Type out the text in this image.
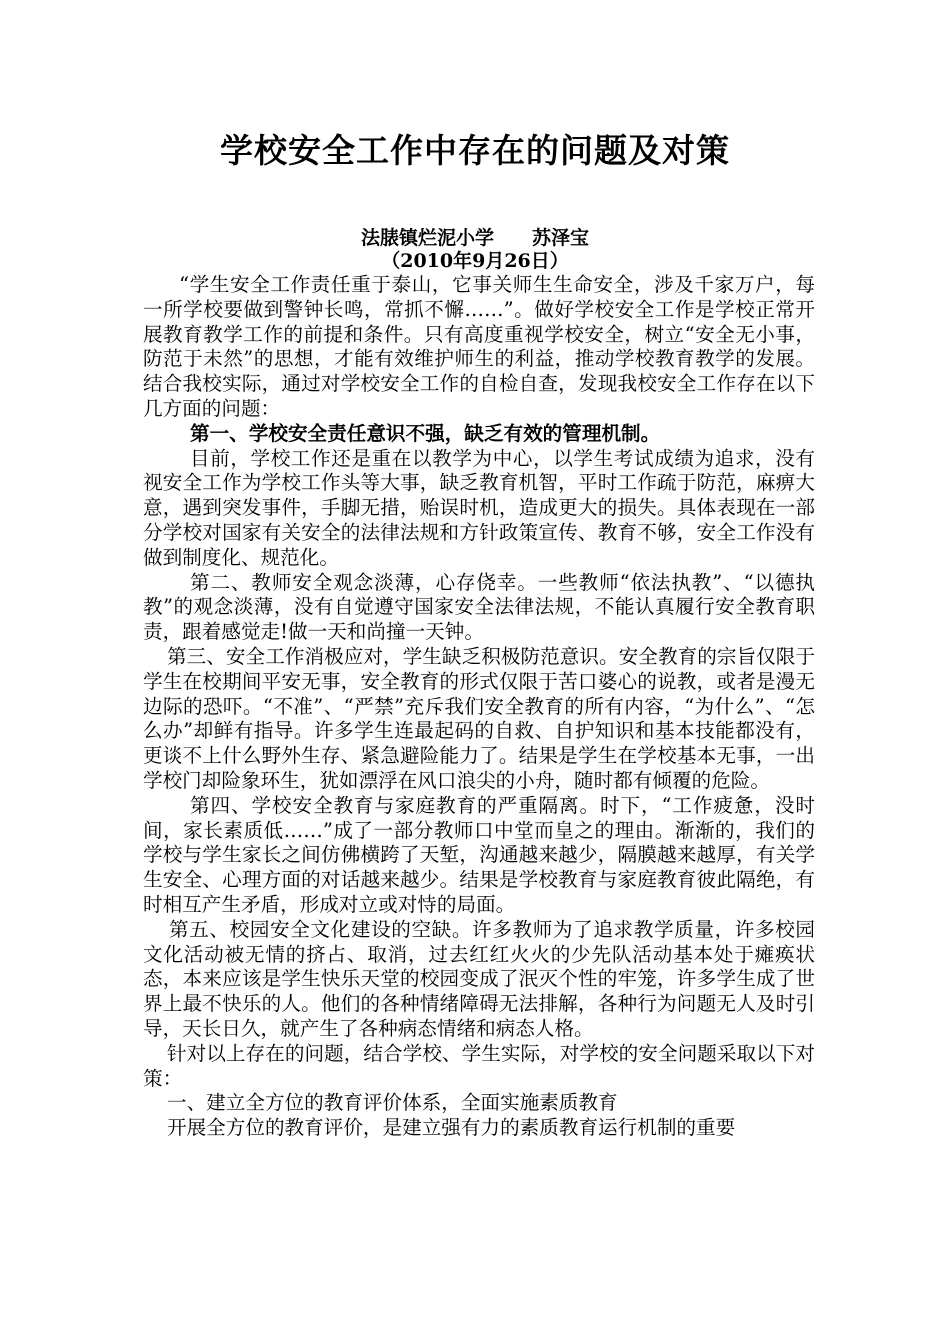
学校安全工作中存在的问题及对策
法脿镇烂泥小学　　苏泽宝
（2010年9月26日）

“学生安全工作责任重于泰山，它事关师生生命安全，涉及千家万户，每一所学校要做到警钟长鸣，常抓不懈……”。做好学校安全工作是学校正常开展教育教学工作的前提和条件。只有高度重视学校安全，树立“安全无小事，防范于未然”的思想，才能有效维护师生的利益，推动学校教育教学的发展。结合我校实际，通过对学校安全工作的自检自查，发现我校安全工作存在以下几方面的问题：

第一、学校安全责任意识不强，缺乏有效的管理机制。

目前，学校工作还是重在以教学为中心，以学生考试成绩为追求，没有视安全工作为学校工作头等大事，缺乏教育机智，平时工作疏于防范，麻痹大意，遇到突发事件，手脚无措，贻误时机，造成更大的损失。具体表现在一部分学校对国家有关安全的法律法规和方针政策宣传、教育不够，安全工作没有做到制度化、规范化。

第二、教师安全观念淡薄，心存侥幸。一些教师“依法执教”、“以德执教”的观念淡薄，没有自觉遵守国家安全法律法规，不能认真履行安全教育职责，跟着感觉走!做一天和尚撞一天钟。

第三、安全工作消极应对，学生缺乏积极防范意识。安全教育的宗旨仅限于学生在校期间平安无事，安全教育的形式仅限于苦口婆心的说教，或者是漫无边际的恐吓。“不准”、“严禁”充斥我们安全教育的所有内容，“为什么”、“怎么办”却鲜有指导。许多学生连最起码的自救、自护知识和基本技能都没有，更谈不上什么野外生存、紧急避险能力了。结果是学生在学校基本无事，一出学校门却险象环生，犹如漂浮在风口浪尖的小舟，随时都有倾覆的危险。

第四、学校安全教育与家庭教育的严重隔离。时下，“工作疲惫，没时间，家长素质低……”成了一部分教师口中堂而皇之的理由。渐渐的，我们的学校与学生家长之间仿佛横跨了天堑，沟通越来越少，隔膜越来越厚，有关学生安全、心理方面的对话越来越少。结果是学校教育与家庭教育彼此隔绝，有时相互产生矛盾，形成对立或对恃的局面。

第五、校园安全文化建设的空缺。许多教师为了追求教学质量，许多校园文化活动被无情的挤占、取消，过去红红火火的少先队活动基本处于瘫痪状态，本来应该是学生快乐天堂的校园变成了泯灭个性的牢笼，许多学生成了世界上最不快乐的人。他们的各种情绪障碍无法排解，各种行为问题无人及时引导，天长日久，就产生了各种病态情绪和病态人格。

针对以上存在的问题，结合学校、学生实际，对学校的安全问题采取以下对策：

一、建立全方位的教育评价体系，全面实施素质教育

开展全方位的教育评价，是建立强有力的素质教育运行机制的重要
